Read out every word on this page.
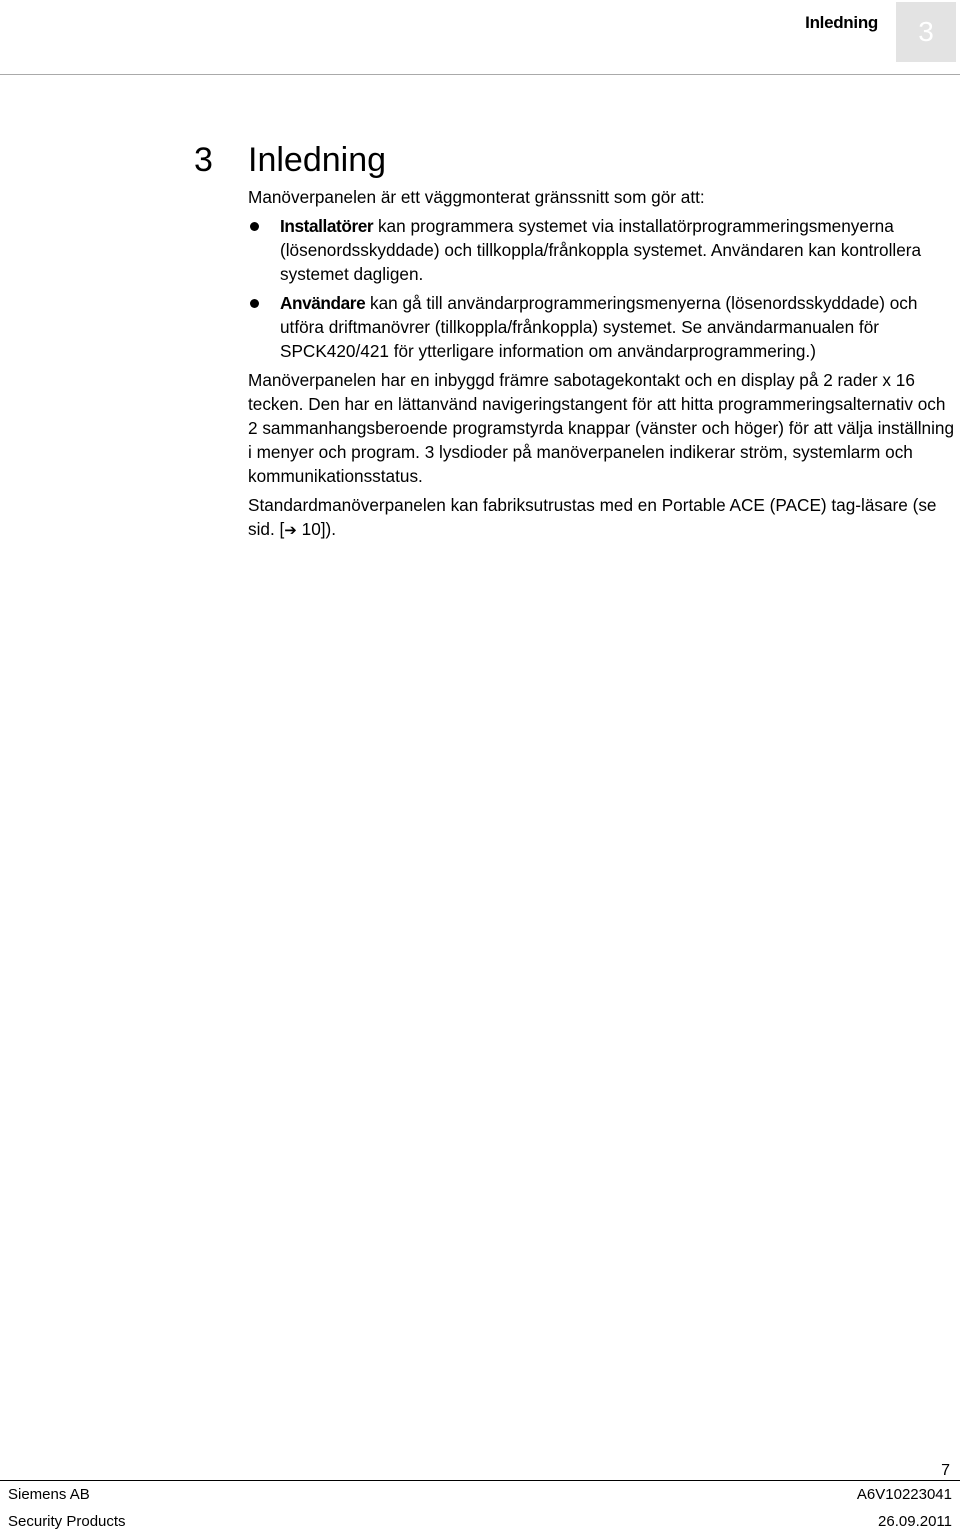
Inledning	3
3 Inledning

Manöverpanelen är ett väggmonterat gränssnitt som gör att:

Installatörer kan programmera systemet via installatörprogrammeringsmenyerna (lösenordsskyddade) och tillkoppla/frånkoppla systemet. Användaren kan kontrollera systemet dagligen.
Användare kan gå till användarprogrammeringsmenyerna (lösenordsskyddade) och utföra driftmanövrer (tillkoppla/frånkoppla) systemet. Se användarmanualen för SPCK420/421 för ytterligare information om användarprogrammering.)

Manöverpanelen har en inbyggd främre sabotagekontakt och en display på 2 rader x 16 tecken. Den har en lättanvänd navigeringstangent för att hitta programmeringsalternativ och 2 sammanhangsberoende programstyrda knappar (vänster och höger) för att välja inställning i menyer och program. 3 lysdioder på manöverpanelen indikerar ström, systemlarm och kommunikationsstatus.

Standardmanöverpanelen kan fabriksutrustas med en Portable ACE (PACE) tag-läsare (se sid. [➔ 10]).

7
Siemens AB
Security Products
A6V10223041
26.09.2011
